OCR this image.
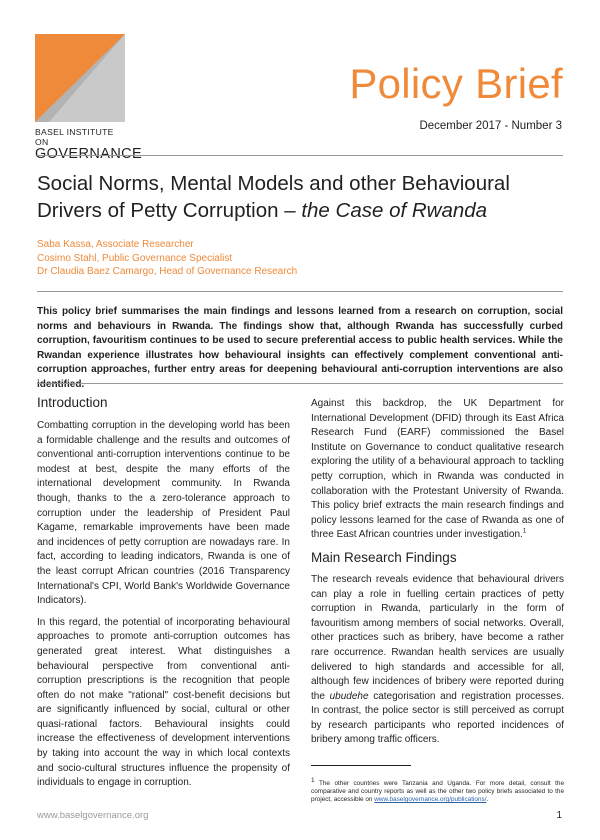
BASEL INSTITUTE ON
GOVERNANCE
Policy Brief
December 2017 - Number 3
Social Norms, Mental Models and other Behavioural Drivers of Petty Corruption – the Case of Rwanda
Saba Kassa, Associate Researcher
Cosimo Stahl, Public Governance Specialist
Dr Claudia Baez Camargo, Head of Governance Research
This policy brief summarises the main findings and lessons learned from a research on corruption, social norms and behaviours in Rwanda. The findings show that, although Rwanda has successfully curbed corruption, favouritism continues to be used to secure preferential access to public health services. While the Rwandan experience illustrates how behavioural insights can effectively complement conventional anti-corruption approaches, further entry areas for deepening behavioural anti-corruption interventions are also identified.
Introduction

Combatting corruption in the developing world has been a formidable challenge and the results and outcomes of conventional anti-corruption interventions continue to be modest at best, despite the many efforts of the international development community. In Rwanda though, thanks to the a zero-tolerance approach to corruption under the leadership of President Paul Kagame, remarkable improvements have been made and incidences of petty corruption are nowadays rare. In fact, according to leading indicators, Rwanda is one of the least corrupt African countries (2016 Transparency International's CPI, World Bank's Worldwide Governance Indicators).

In this regard, the potential of incorporating behavioural approaches to promote anti-corruption outcomes has generated great interest. What distinguishes a behavioural perspective from conventional anti-corruption prescriptions is the recognition that people often do not make "rational" cost-benefit decisions but are significantly influenced by social, cultural or other quasi-rational factors. Behavioural insights could increase the effectiveness of development interventions by taking into account the way in which local contexts and socio-cultural structures influence the propensity of individuals to engage in corruption.

Against this backdrop, the UK Department for International Development (DFID) through its East Africa Research Fund (EARF) commissioned the Basel Institute on Governance to conduct qualitative research exploring the utility of a behavioural approach to tackling petty corruption, which in Rwanda was conducted in collaboration with the Protestant University of Rwanda. This policy brief extracts the main research findings and policy lessons learned for the case of Rwanda as one of three East African countries under investigation.$^1$

Main Research Findings

The research reveals evidence that behavioural drivers can play a role in fuelling certain practices of petty corruption in Rwanda, particularly in the form of favouritism among members of social networks. Overall, other practices such as bribery, have become a rather rare occurrence. Rwandan health services are usually delivered to high standards and accessible for all, although few incidences of bribery were reported during the ubudehe categorisation and registration processes. In contrast, the police sector is still perceived as corrupt by research participants who reported incidences of bribery among traffic officers.

1 The other countries were Tanzania and Uganda. For more detail, consult the comparative and country reports as well as the other two policy briefs associated to the project, accessible on www.baselgovernance.org/publications/.
www.baselgovernance.org	1
